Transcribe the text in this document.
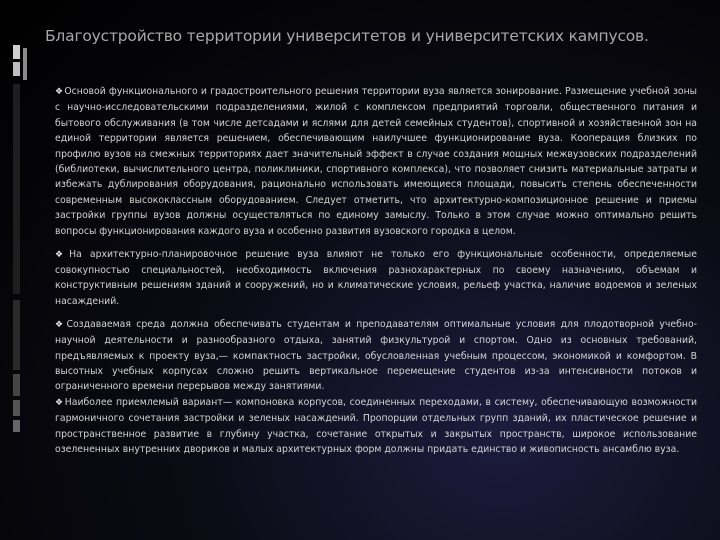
Благоустройство территории университетов и университетских кампусов.

❖Основой функционального и градостроительного решения территории вуза является зонирование. Размещение учебной зоны с научно-исследовательскими подразделениями, жилой с комплексом предприятий торговли, общественного питания и бытового обслуживания (в том числе детсадами и яслями для детей семейных студентов), спортивной и хозяйственной зон на единой территории является решением, обеспечивающим наилучшее функционирование вуза. Кооперация близких по профилю вузов на смежных территориях дает значительный эффект в случае создания мощных межвузовских подразделений (библиотеки, вычислительного центра, поликлиники, спортивного комплекса), что позволяет снизить материальные затраты и избежать дублирования оборудования, рационально использовать имеющиеся площади, повысить степень обеспеченности современным высококлассным оборудованием. Следует отметить, что архитектурно-композиционное решение и приемы застройки группы вузов должны осуществляться по единому замыслу. Только в этом случае можно оптимально решить вопросы функционирования каждого вуза и особенно развития вузовского городка в целом.

❖На архитектурно-планировочное решение вуза влияют не только его функциональные особенности, определяемые совокупностью специальностей, необходимость включения разнохарактерных по своему назначению, объемам и конструктивным решениям зданий и сооружений, но и климатические условия, рельеф участка, наличие водоемов и зеленых насаждений.

❖Создаваемая среда должна обеспечивать студентам и преподавателям оптимальные условия для плодотворной учебно-научной деятельности и разнообразного отдыха, занятий физкультурой и спортом. Одно из основных требований, предъявляемых к проекту вуза,— компактность застройки, обусловленная учебным процессом, экономикой и комфортом. В высотных учебных корпусах сложно решить вертикальное перемещение студентов из-за интенсивности потоков и ограниченного времени перерывов между занятиями.

❖Наиболее приемлемый вариант— компоновка корпусов, соединенных переходами, в систему, обеспечивающую возможности гармоничного сочетания застройки и зеленых насаждений. Пропорции отдельных групп зданий, их пластическое решение и пространственное развитие в глубину участка, сочетание открытых и закрытых пространств, широкое использование озелененных внутренних двориков и малых архитектурных форм должны придать единство и живописность ансамблю вуза.
